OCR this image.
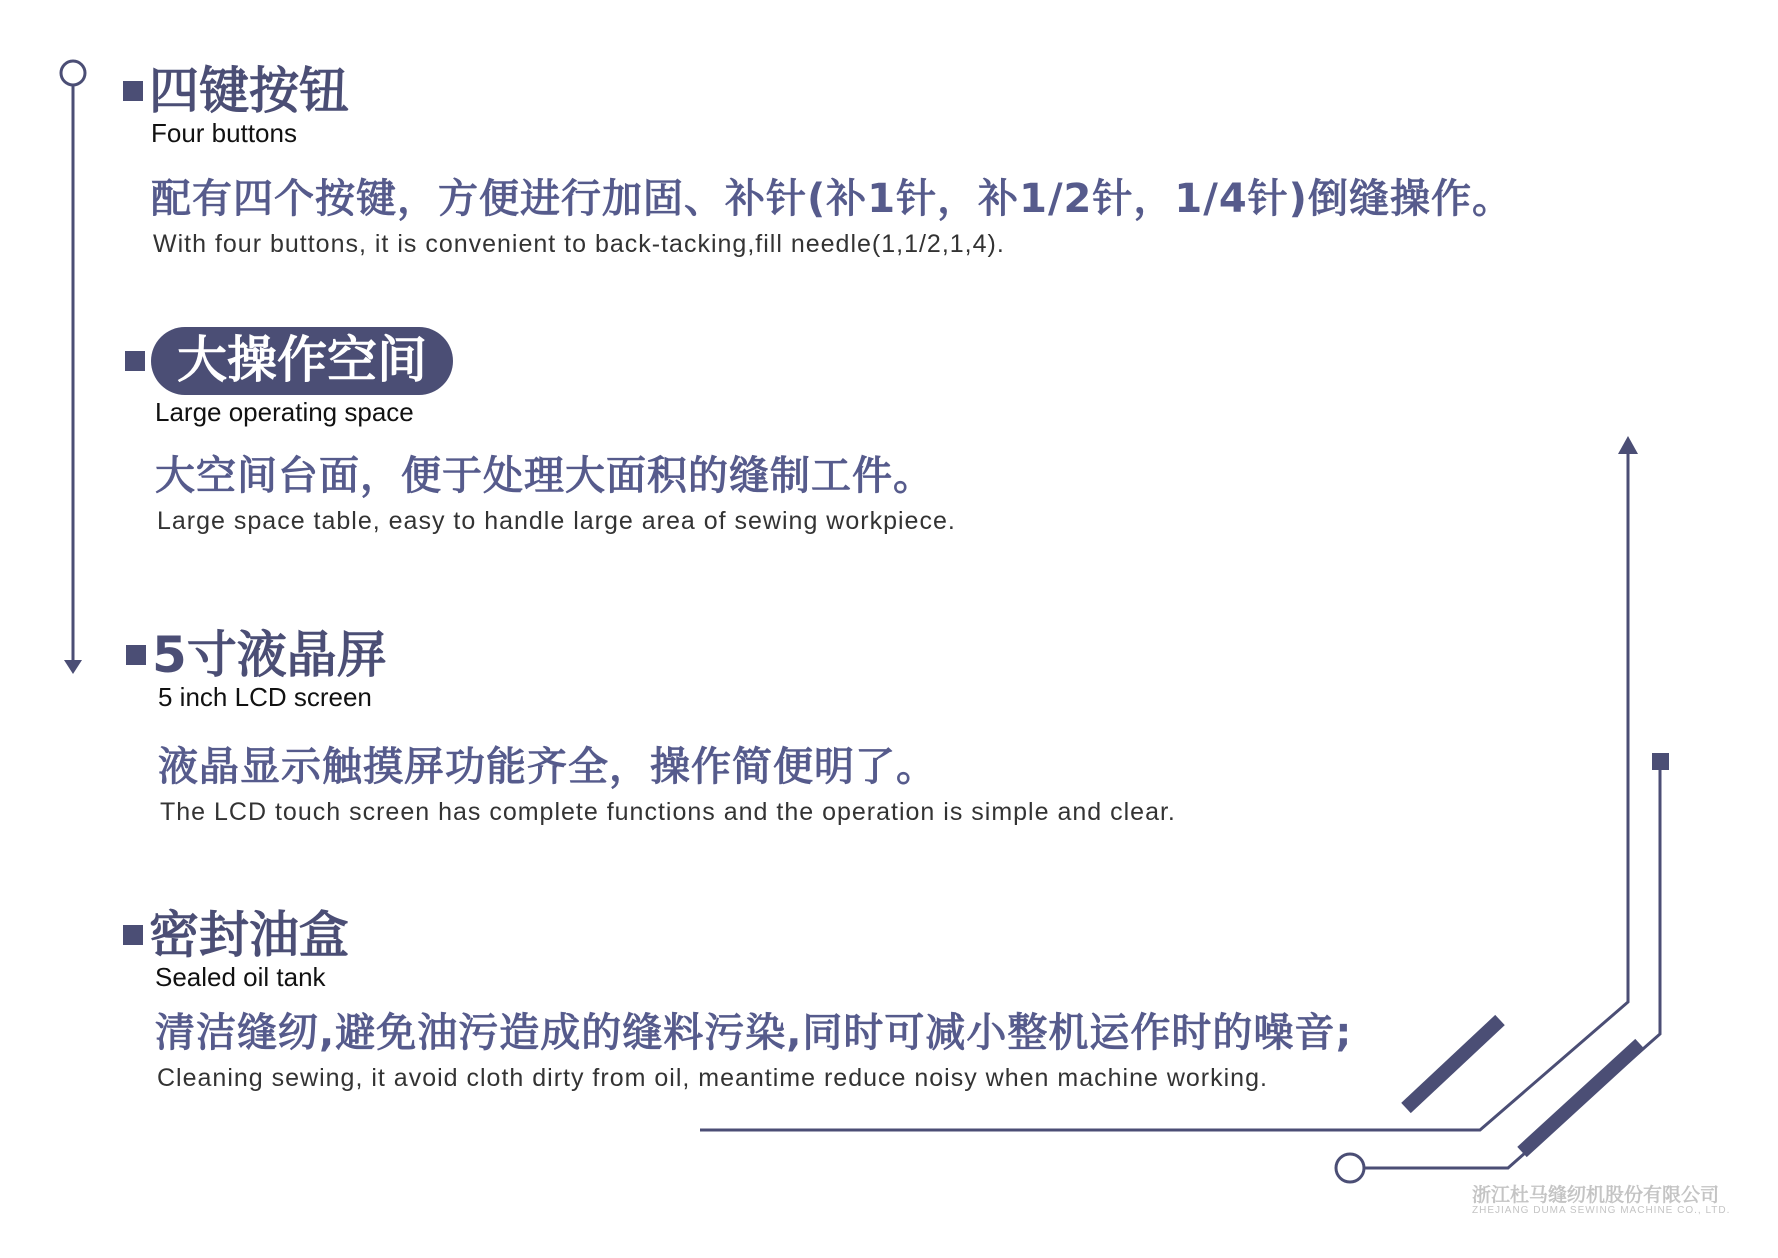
四键按钮
Four buttons
配有四个按键，方便进行加固、补针(补1针，补1/2针，1/4针)倒缝操作。
With four buttons, it is convenient to back-tacking,fill needle(1,1/2,1,4).
大操作空间
Large operating space
大空间台面，便于处理大面积的缝制工件。
Large space table, easy to handle large area of sewing workpiece.
5寸液晶屏
5 inch LCD screen
液晶显示触摸屏功能齐全，操作简便明了。
The LCD touch screen has complete functions and the operation is simple and clear.
密封油盒
Sealed oil tank
清洁缝纫,避免油污造成的缝料污染,同时可减小整机运作时的噪音;
Cleaning sewing, it avoid cloth dirty from oil, meantime reduce noisy when machine working.
浙江杜马缝纫机股份有限公司
ZHEJIANG DUMA SEWING MACHINE CO., LTD.
